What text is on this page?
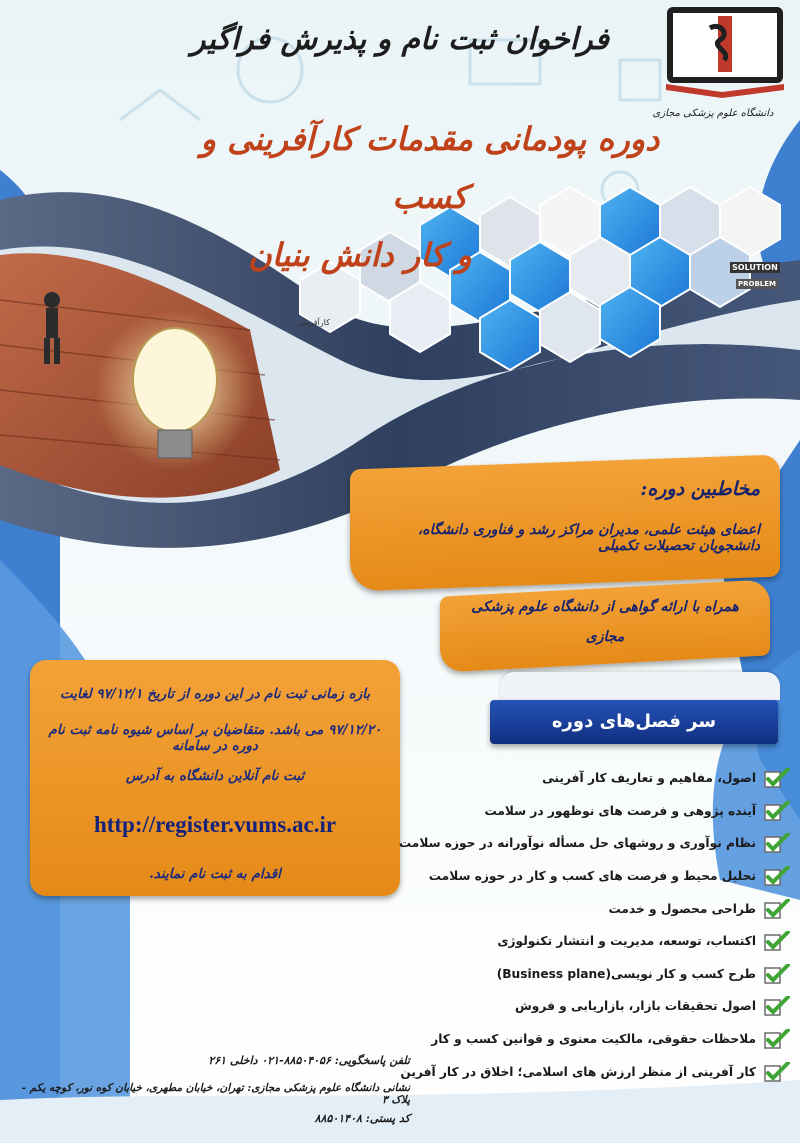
دانشگاه علوم پزشکی مجازی
فراخوان ثبت نام و پذیرش فراگیر
دوره پودمانی مقدمات کارآفرینی و کسب
و کار دانش بنیان
کارآفرینی
SOLUTION
PROBLEM
مخاطبین دوره:
اعضای هیئت علمی، مدیران مراکز رشد و فناوری دانشگاه، دانشجویان تحصیلات تکمیلی
همراه با ارائه گواهی از دانشگاه علوم پزشکی
مجازی
بازه زمانی ثبت نام در این دوره از تاریخ ۹۷/۱۲/۱ لغایت
۹۷/۱۲/۲۰ می باشد. متقاضیان بر اساس شیوه نامه ثبت نام دوره در سامانه
ثبت نام آنلاین دانشگاه به آدرس
http://register.vums.ac.ir
اقدام به ثبت نام نمایند.
سر فصل‌های دوره
اصول، مفاهیم و تعاریف کار آفرینی
آینده پژوهی و فرصت های نوظهور در سلامت
نظام نوآوری و روشهای حل مسأله نوآورانه در حوزه سلامت
تحلیل محیط و فرصت های کسب و کار در حوزه سلامت
طراحی محصول و خدمت
اکتساب، توسعه، مدیریت و انتشار تکنولوژی
طرح کسب و کار نویسی(Business plane)
اصول تحقیقات بازار، بازاریابی و فروش
ملاحظات حقوقی، مالکیت معنوی و قوانین کسب و کار
کار آفرینی از منظر ارزش های اسلامی؛ اخلاق در کار آفرین
تلفن پاسخگویی: ۸۸۵۰۴۰۵۶-۰۲۱ داخلی ۲۶۱
نشانی دانشگاه علوم پزشکی مجازی: تهران، خیابان مطهری، خیابان کوه نور، کوچه یکم - پلاک ۳
کد پستی: ۸۸۵۰۱۴۰۸
